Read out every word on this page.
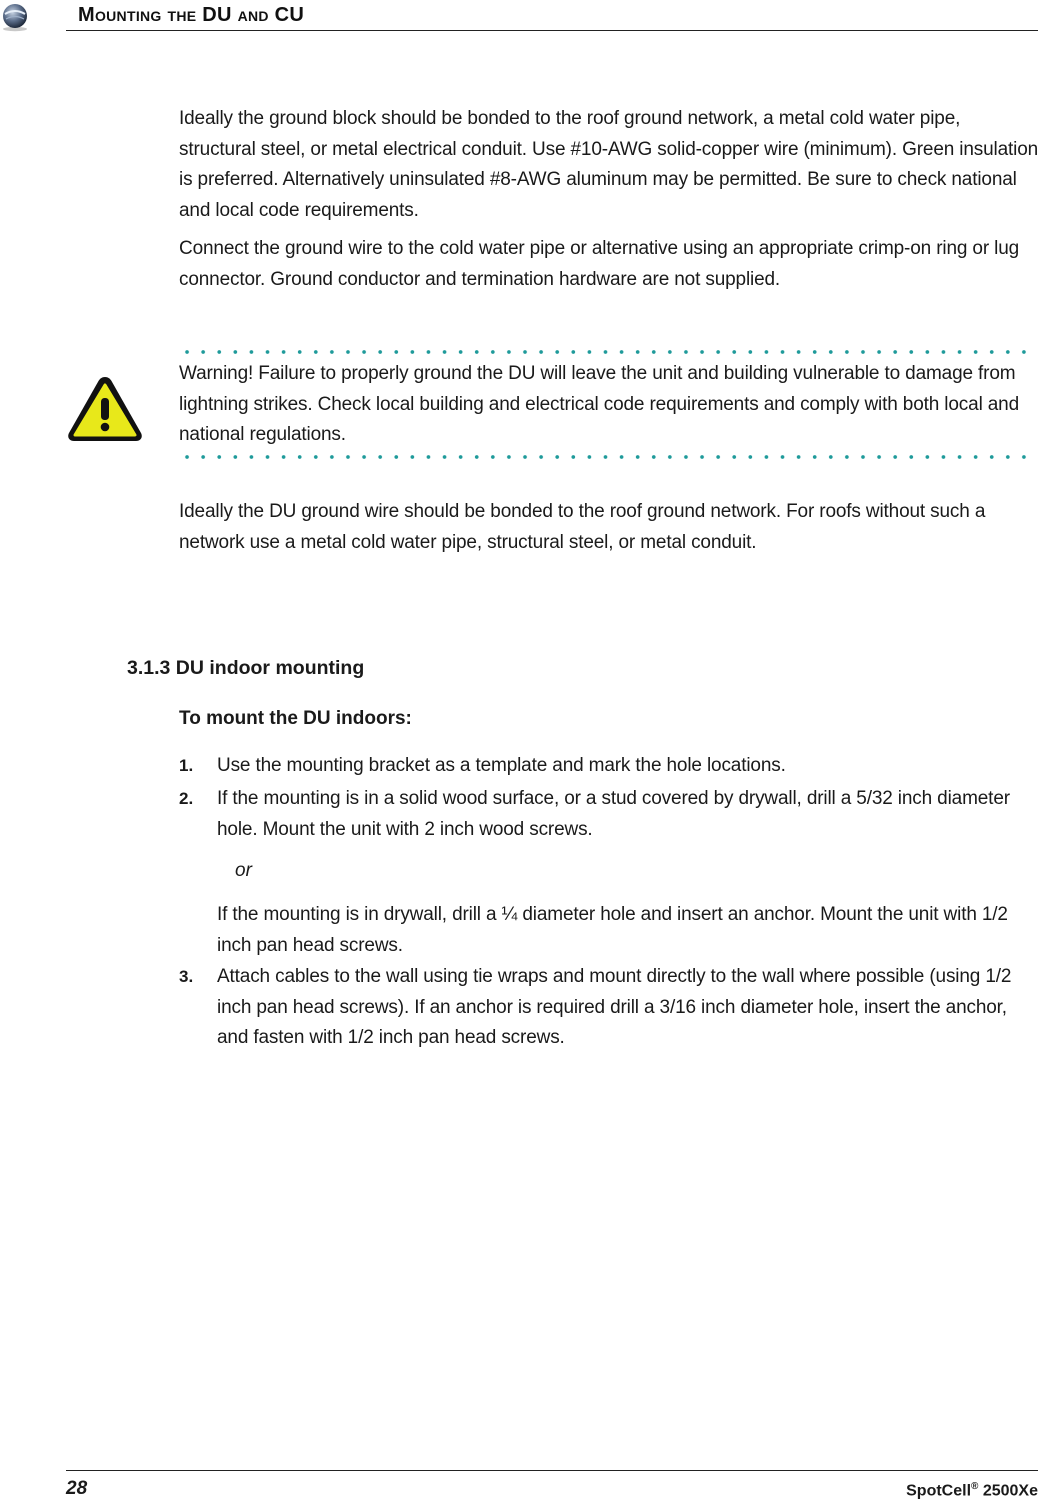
Mounting the DU and CU

Ideally the ground block should be bonded to the roof ground network, a metal cold water pipe, structural steel, or metal electrical conduit. Use #10-AWG solid-copper wire (minimum). Green insulation is preferred. Alternatively uninsulated #8-AWG aluminum may be permitted. Be sure to check national and local code requirements.

Connect the ground wire to the cold water pipe or alternative using an appropriate crimp-on ring or lug connector. Ground conductor and termination hardware are not supplied.

Warning! Failure to properly ground the DU will leave the unit and building vulnerable to damage from lightning strikes. Check local building and electrical code requirements and comply with both local and national regulations.

Ideally the DU ground wire should be bonded to the roof ground network. For roofs without such a network use a metal cold water pipe, structural steel, or metal conduit.

3.1.3 DU indoor mounting
To mount the DU indoors:
1. Use the mounting bracket as a template and mark the hole locations.

2. If the mounting is in a solid wood surface, or a stud covered by drywall, drill a 5/32 inch diameter hole. Mount the unit with 2 inch wood screws.

or

If the mounting is in drywall, drill a ¼ diameter hole and insert an anchor. Mount the unit with 1/2 inch pan head screws.

3. Attach cables to the wall using tie wraps and mount directly to the wall where possible (using 1/2 inch pan head screws). If an anchor is required drill a 3/16 inch diameter hole, insert the anchor, and fasten with 1/2 inch pan head screws.

28	SpotCell® 2500Xe
